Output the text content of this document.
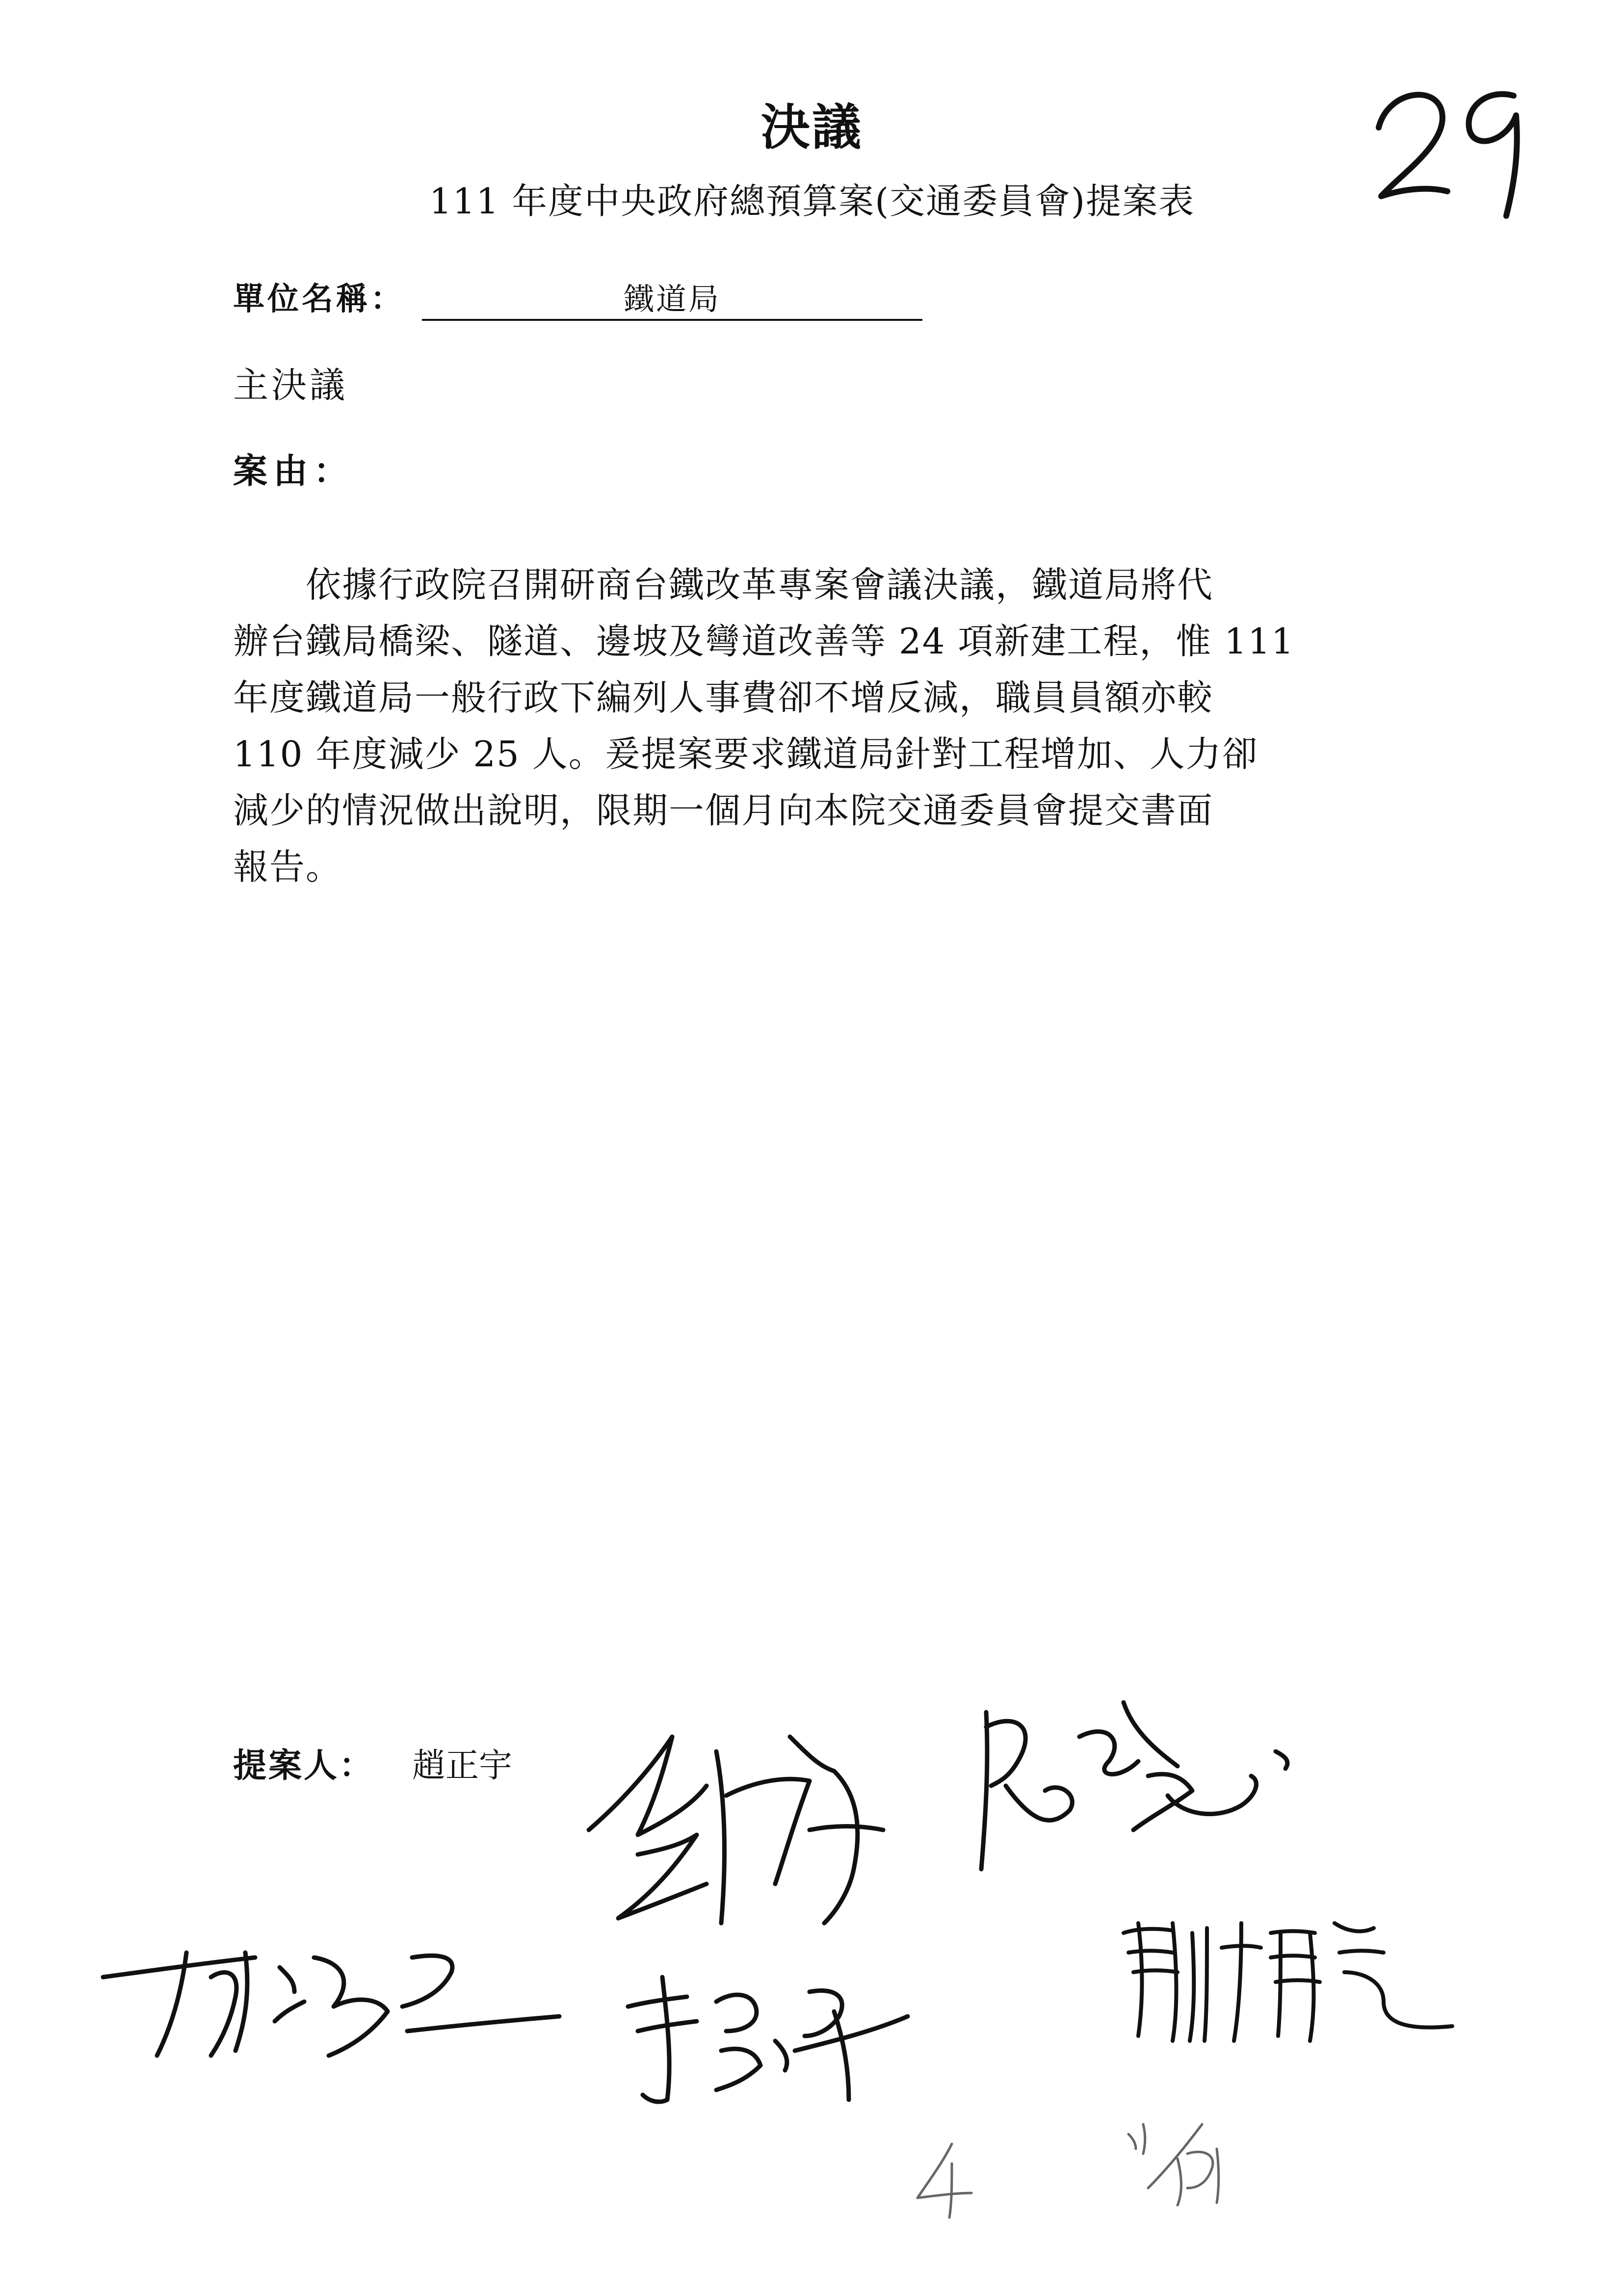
決議
111 年度中央政府總預算案(交通委員會)提案表
單位名稱：	鐵道局
主決議
案由：
　　依據行政院召開研商台鐵改革專案會議決議，鐵道局將代
辦台鐵局橋梁、隧道、邊坡及彎道改善等 24 項新建工程，惟 111
年度鐵道局一般行政下編列人事費卻不增反減，職員員額亦較
110 年度減少 25 人。爰提案要求鐵道局針對工程增加、人力卻
減少的情況做出說明，限期一個月向本院交通委員會提交書面
報告。
提案人： 趙正宇
